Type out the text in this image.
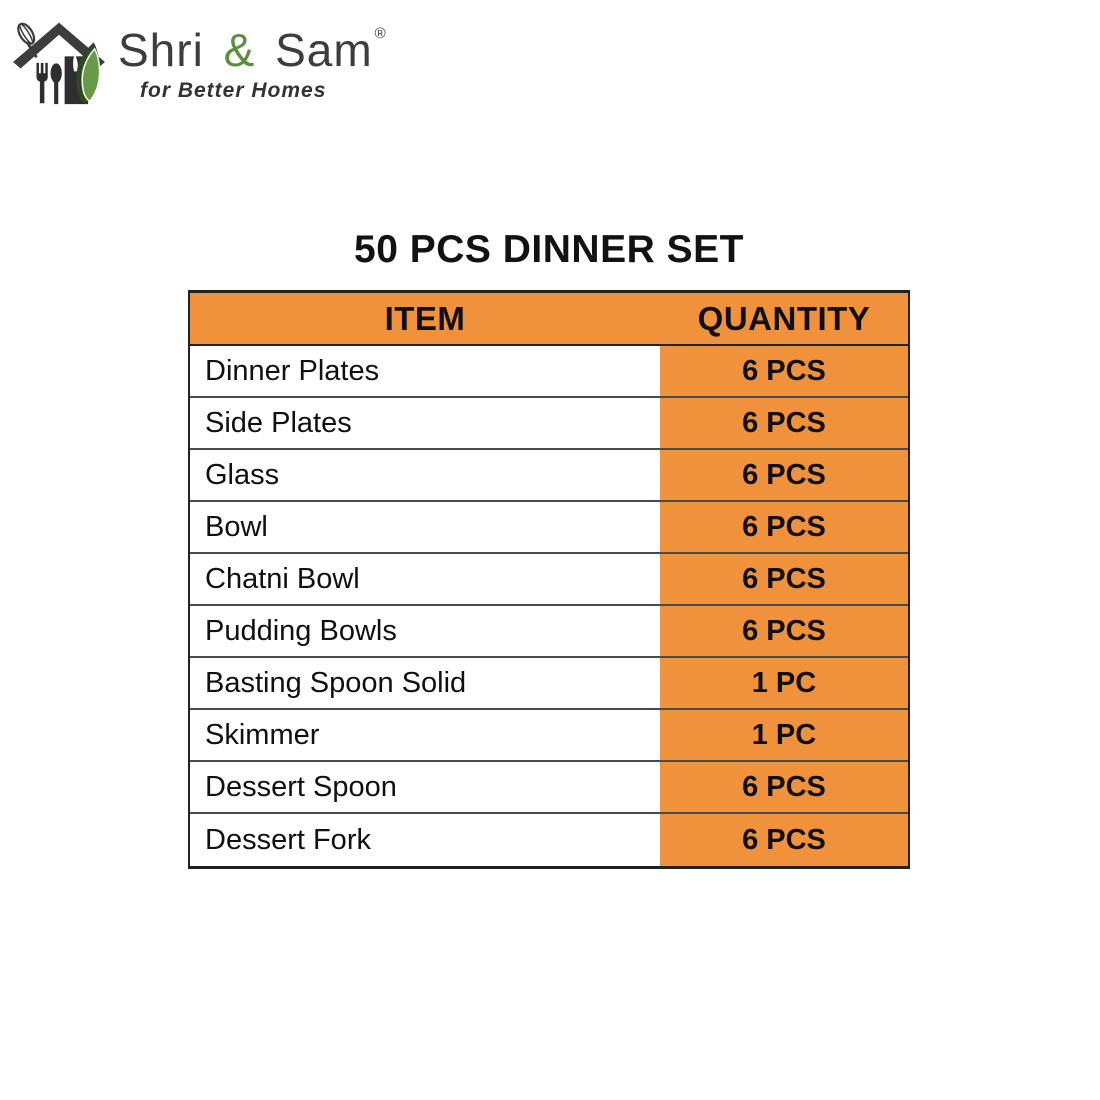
Shri & Sam ®
for Better Homes
50 PCS DINNER SET
ITEM	QUANTITY
Dinner Plates	6 PCS
Side Plates	6 PCS
Glass	6 PCS
Bowl	6 PCS
Chatni Bowl	6 PCS
Pudding Bowls	6 PCS
Basting Spoon Solid	1 PC
Skimmer	1 PC
Dessert Spoon	6 PCS
Dessert Fork	6 PCS
